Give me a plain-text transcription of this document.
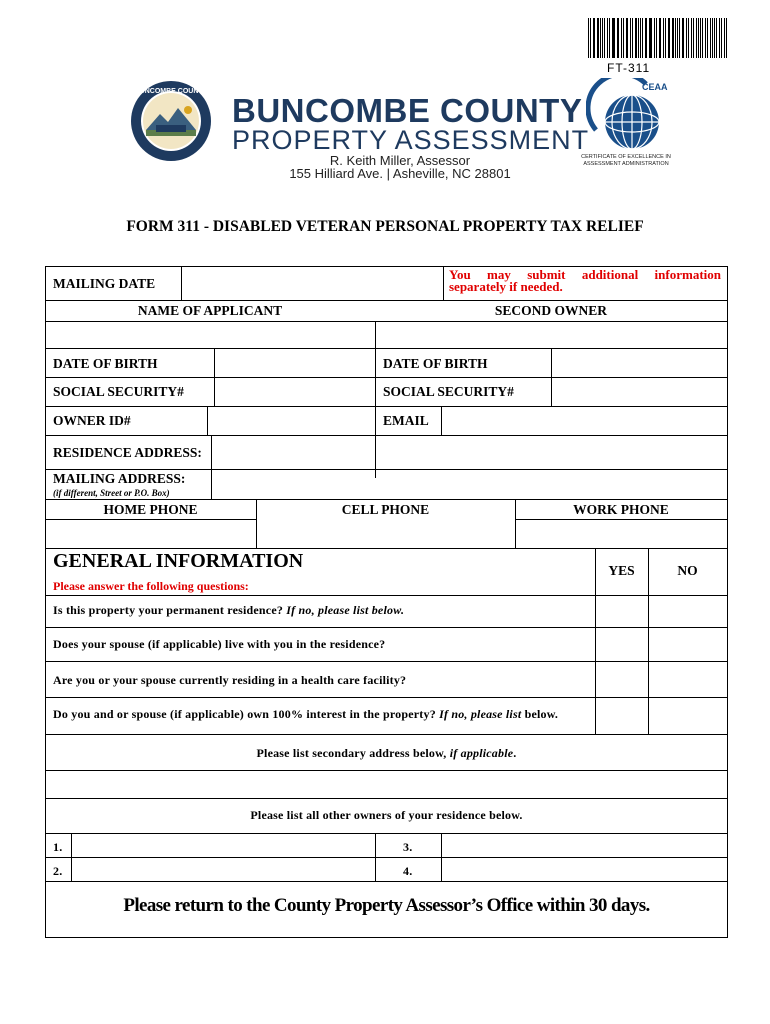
FT-311
BUNCOMBE COUNTY
BUNCOMBE COUNTY
PROPERTY ASSESSMENT
R. Keith Miller, Assessor
155 Hilliard Ave. | Asheville, NC 28801
CEAA
CERTIFICATE OF EXCELLENCE IN ASSESSMENT ADMINISTRATION
FORM 311 - DISABLED VETERAN PERSONAL PROPERTY TAX RELIEF
MAILING DATE
You may submit additional information separately if needed.
NAME OF APPLICANT	SECOND OWNER
DATE OF BIRTH	DATE OF BIRTH
SOCIAL SECURITY#	SOCIAL SECURITY#
OWNER ID#	EMAIL
RESIDENCE ADDRESS:
MAILING ADDRESS:
(if different, Street or P.O. Box)
HOME PHONE	CELL PHONE	WORK PHONE
GENERAL INFORMATION
Please answer the following questions:
YES	NO
Is this property your permanent residence? If no, please list below.
Does your spouse (if applicable) live with you in the residence?
Are you or your spouse currently residing in a health care facility?
Do you and or spouse (if applicable) own 100% interest in the property? If no, please list below.
Please list secondary address below, if applicable.
Please list all other owners of your residence below.
1.	3.
2.	4.
Please return to the County Property Assessor’s Office within 30 days.
